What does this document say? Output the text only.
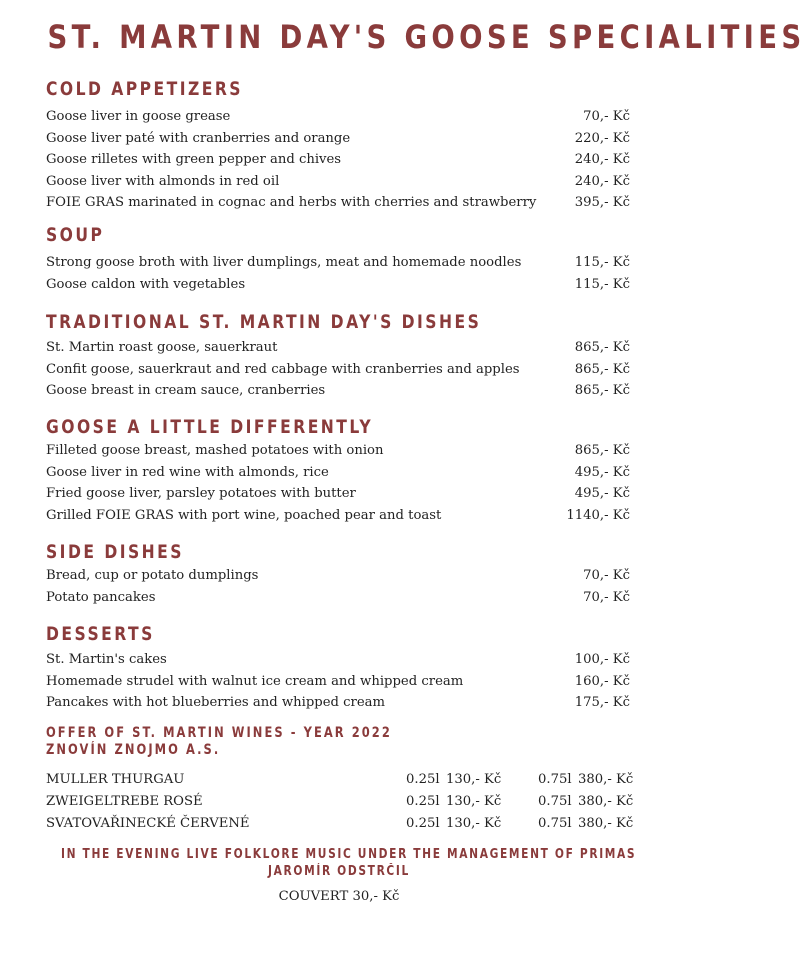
ST. MARTIN DAY'S GOOSE SPECIALITIES
COLD APPETIZERS
Goose liver in goose grease	70,- Kč
Goose liver paté with cranberries and orange	220,- Kč
Goose rilletes with green pepper and chives	240,- Kč
Goose liver with almonds in red oil	240,- Kč
FOIE GRAS marinated in cognac and herbs with cherries and strawberry	395,- Kč
SOUP
Strong goose broth with liver dumplings, meat and homemade noodles	115,- Kč
Goose caldon with vegetables	115,- Kč
TRADITIONAL ST. MARTIN DAY'S DISHES
St. Martin roast goose, sauerkraut	865,- Kč
Confit goose, sauerkraut and red cabbage with cranberries and apples	865,- Kč
Goose breast in cream sauce, cranberries	865,- Kč
GOOSE A LITTLE DIFFERENTLY
Filleted goose breast, mashed potatoes with onion	865,- Kč
Goose liver in red wine with almonds, rice	495,- Kč
Fried goose liver, parsley potatoes with butter	495,- Kč
Grilled FOIE GRAS with port wine, poached pear and toast	1140,- Kč
SIDE DISHES
Bread, cup or potato dumplings	70,- Kč
Potato pancakes	70,- Kč
DESSERTS
St. Martin's cakes	100,- Kč
Homemade strudel with walnut ice cream and whipped cream	160,- Kč
Pancakes with hot blueberries and whipped cream	175,- Kč
OFFER OF ST. MARTIN WINES - YEAR 2022
ZNOVÍN ZNOJMO A.S.
MULLER THURGAU	0.25l 130,- Kč	0.75l 380,- Kč
ZWEIGELTREBE ROSÉ	0.25l 130,- Kč	0.75l 380,- Kč
SVATOVAŘINECKÉ ČERVENÉ	0.25l 130,- Kč	0.75l 380,- Kč
IN THE EVENING LIVE FOLKLORE MUSIC UNDER THE MANAGEMENT OF PRIMAS
JAROMÍR ODSTRČIL
COUVERT 30,- Kč
